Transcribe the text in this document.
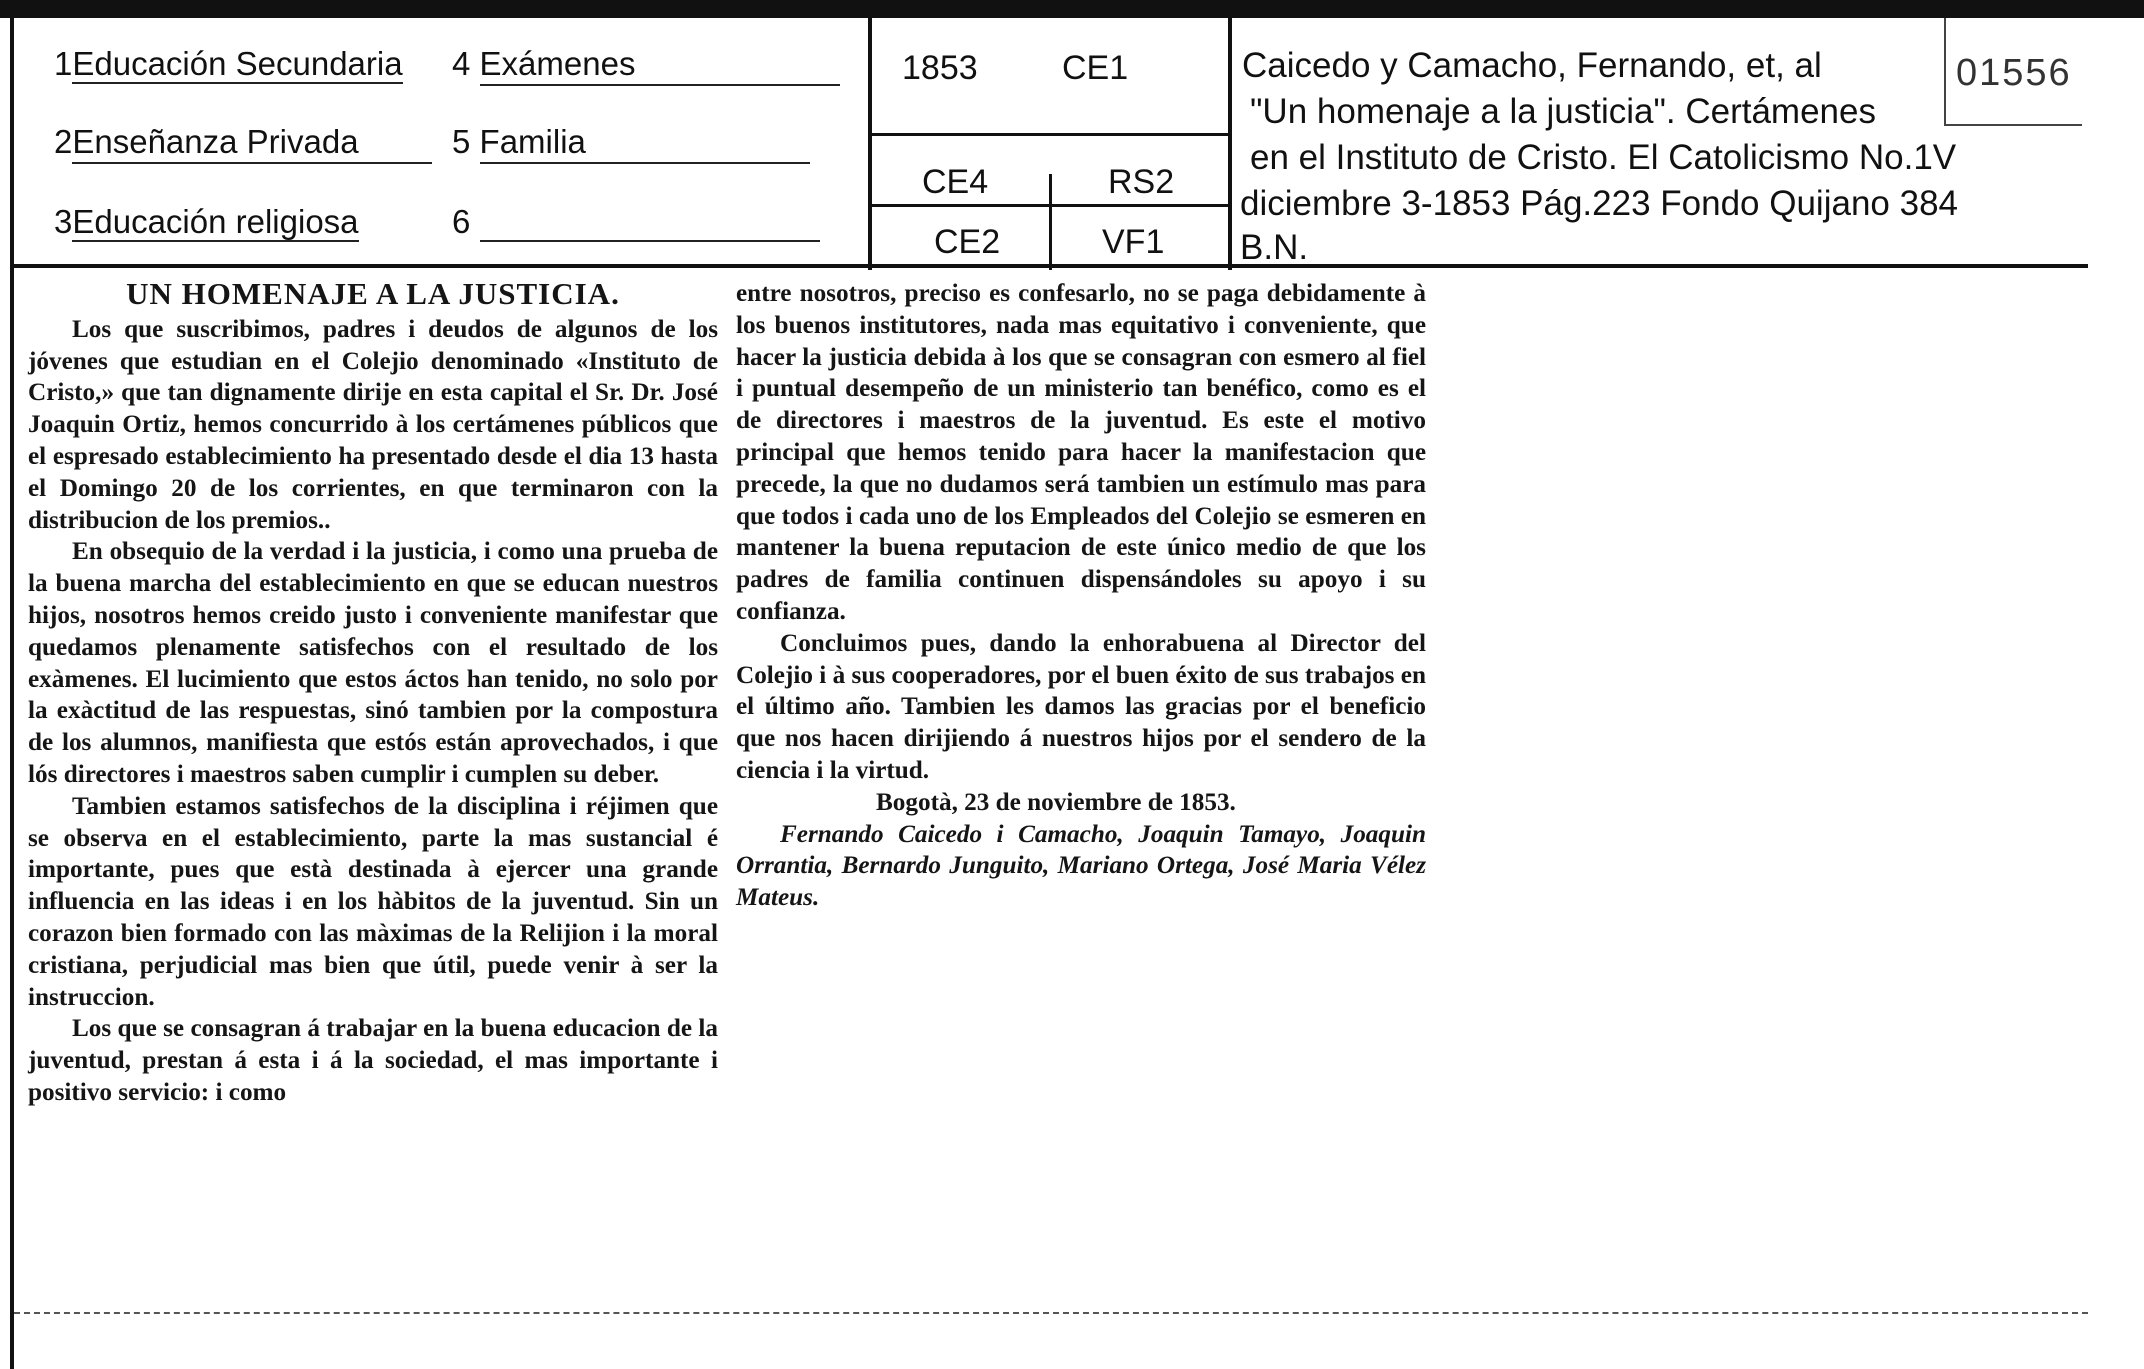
1Educación Secundaria 4 Exámenes
2Enseñanza Privada	5 Familia
3Educación religiosa	6
1853 CE1
CE4	RS2
CE2	VF1
Caicedo y Camacho, Fernando, et, al
"Un homenaje a la justicia". Certámenes
en el Instituto de Cristo. El Catolicismo No.1V
diciembre 3-1853 Pág.223 Fondo Quijano 384
B.N.
01556
UN HOMENAJE A LA JUSTICIA.

Los que suscribimos, padres i deudos de algunos de los jóvenes que estudian en el Colejio denominado «Instituto de Cristo,» que tan dignamente dirije en esta capital el Sr. Dr. José Joaquin Ortiz, hemos concurrido à los certámenes públicos que el espresado establecimiento ha presentado desde el dia 13 hasta el Domingo 20 de los corrientes, en que terminaron con la distribucion de los premios..

En obsequio de la verdad i la justicia, i como una prueba de la buena marcha del establecimiento en que se educan nuestros hijos, nosotros hemos creido justo i conveniente manifestar que quedamos plenamente satisfechos con el resultado de los exàmenes. El lucimiento que estos áctos han tenido, no solo por la exàctitud de las respuestas, sinó tambien por la compostura de los alumnos, manifiesta que estós están aprovechados, i que lós directores i maestros saben cumplir i cumplen su deber.

Tambien estamos satisfechos de la disciplina i réjimen que se observa en el establecimiento, parte la mas sustancial é importante, pues que està destinada à ejercer una grande influencia en las ideas i en los hàbitos de la juventud. Sin un corazon bien formado con las màximas de la Relijion i la moral cristiana, perjudicial mas bien que útil, puede venir à ser la instruccion.

Los que se consagran á trabajar en la buena educacion de la juventud, prestan á esta i á la sociedad, el mas importante i positivo servicio: i como

entre nosotros, preciso es confesarlo, no se paga debidamente à los buenos institutores, nada mas equitativo i conveniente, que hacer la justicia debida à los que se consagran con esmero al fiel i puntual desempeño de un ministerio tan benéfico, como es el de directores i maestros de la juventud. Es este el motivo principal que hemos tenido para hacer la manifestacion que precede, la que no dudamos será tambien un estímulo mas para que todos i cada uno de los Empleados del Colejio se esmeren en mantener la buena reputacion de este único medio de que los padres de familia continuen dispensándoles su apoyo i su confianza.

Concluimos pues, dando la enhorabuena al Director del Colejio i à sus cooperadores, por el buen éxito de sus trabajos en el último año. Tambien les damos las gracias por el beneficio que nos hacen dirijiendo á nuestros hijos por el sendero de la ciencia i la virtud.

Bogotà, 23 de noviembre de 1853.

Fernando Caicedo i Camacho, Joaquin Tamayo, Joaquin Orrantia, Bernardo Junguito, Mariano Ortega, José Maria Vélez Mateus.
